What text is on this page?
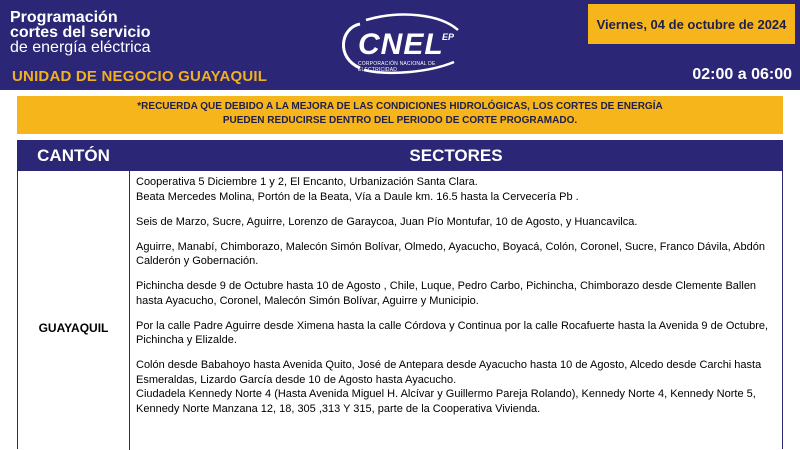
Programación
cortes del servicio
de energía eléctrica
UNIDAD DE NEGOCIO GUAYAQUIL
CNEL
EP
CORPORACIÓN NACIONAL DE ELECTRICIDAD
Viernes, 04 de octubre de 2024
02:00 a 06:00
*RECUERDA QUE DEBIDO A LA MEJORA DE LAS CONDICIONES HIDROLÓGICAS, LOS CORTES DE ENERGÍA
PUEDEN REDUCIRSE DENTRO DEL PERIODO DE CORTE PROGRAMADO.
CANTÓN	SECTORES
GUAYAQUIL

Cooperativa 5 Diciembre 1 y 2, El Encanto, Urbanización Santa Clara.

Beata Mercedes Molina, Portón de la Beata, Vía a Daule km. 16.5 hasta la Cervecería Pb .

Seis de Marzo, Sucre, Aguirre, Lorenzo de Garaycoa, Juan Pío Montufar, 10 de Agosto, y Huancavilca.

Aguirre, Manabí, Chimborazo, Malecón Simón Bolívar, Olmedo, Ayacucho, Boyacá, Colón, Coronel, Sucre, Franco Dávila, Abdón Calderón y Gobernación.

Pichincha desde 9 de Octubre hasta 10 de Agosto , Chile, Luque, Pedro Carbo, Pichincha, Chimborazo desde Clemente Ballen hasta Ayacucho, Coronel, Malecón Simón Bolívar, Aguirre y Municipio.

Por la calle Padre Aguirre desde Ximena hasta la calle Córdova y Continua por la calle Rocafuerte hasta la Avenida 9 de Octubre, Pichincha y Elizalde.

Colón desde Babahoyo hasta Avenida Quito, José de Antepara desde Ayacucho hasta 10 de Agosto, Alcedo desde Carchi hasta Esmeraldas, Lizardo García desde 10 de Agosto hasta Ayacucho.

Ciudadela Kennedy Norte 4 (Hasta Avenida Miguel H. Alcívar y Guillermo Pareja Rolando), Kennedy Norte 4, Kennedy Norte 5, Kennedy Norte Manzana 12, 18, 305 ,313 Y 315, parte de la Cooperativa Vivienda.
